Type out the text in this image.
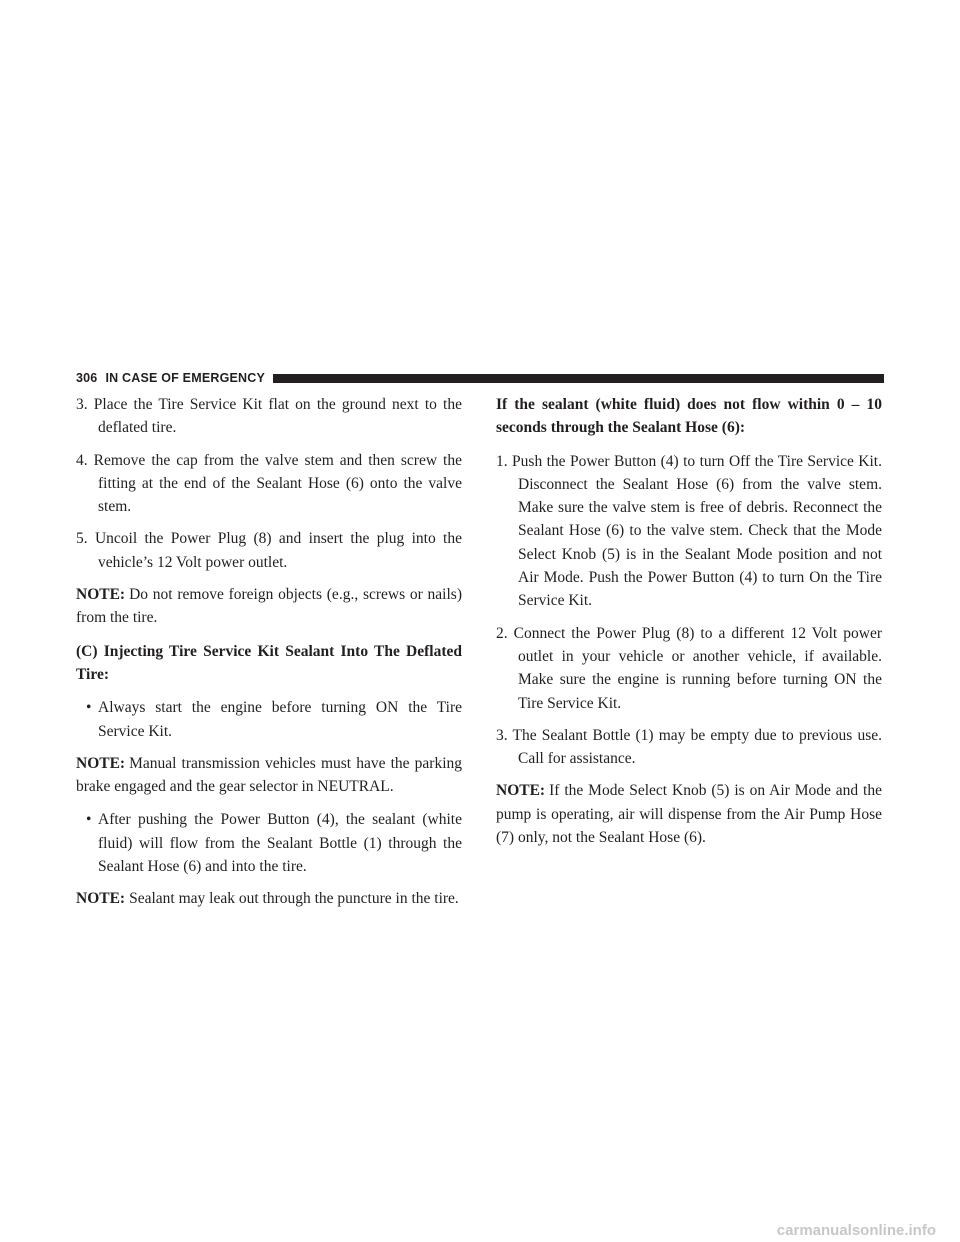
306 IN CASE OF EMERGENCY

3. Place the Tire Service Kit flat on the ground next to the deflated tire.

4. Remove the cap from the valve stem and then screw the fitting at the end of the Sealant Hose (6) onto the valve stem.

5. Uncoil the Power Plug (8) and insert the plug into the vehicle’s 12 Volt power outlet.

NOTE: Do not remove foreign objects (e.g., screws or nails) from the tire.

(C) Injecting Tire Service Kit Sealant Into The Deflated Tire:

• Always start the engine before turning ON the Tire Service Kit.

NOTE: Manual transmission vehicles must have the parking brake engaged and the gear selector in NEUTRAL.

• After pushing the Power Button (4), the sealant (white fluid) will flow from the Sealant Bottle (1) through the Sealant Hose (6) and into the tire.

NOTE: Sealant may leak out through the puncture in the tire.

If the sealant (white fluid) does not flow within 0 – 10 seconds through the Sealant Hose (6):

1. Push the Power Button (4) to turn Off the Tire Service Kit. Disconnect the Sealant Hose (6) from the valve stem. Make sure the valve stem is free of debris. Reconnect the Sealant Hose (6) to the valve stem. Check that the Mode Select Knob (5) is in the Sealant Mode position and not Air Mode. Push the Power Button (4) to turn On the Tire Service Kit.

2. Connect the Power Plug (8) to a different 12 Volt power outlet in your vehicle or another vehicle, if available. Make sure the engine is running before turning ON the Tire Service Kit.

3. The Sealant Bottle (1) may be empty due to previous use. Call for assistance.

NOTE: If the Mode Select Knob (5) is on Air Mode and the pump is operating, air will dispense from the Air Pump Hose (7) only, not the Sealant Hose (6).

carmanualsonline.info
